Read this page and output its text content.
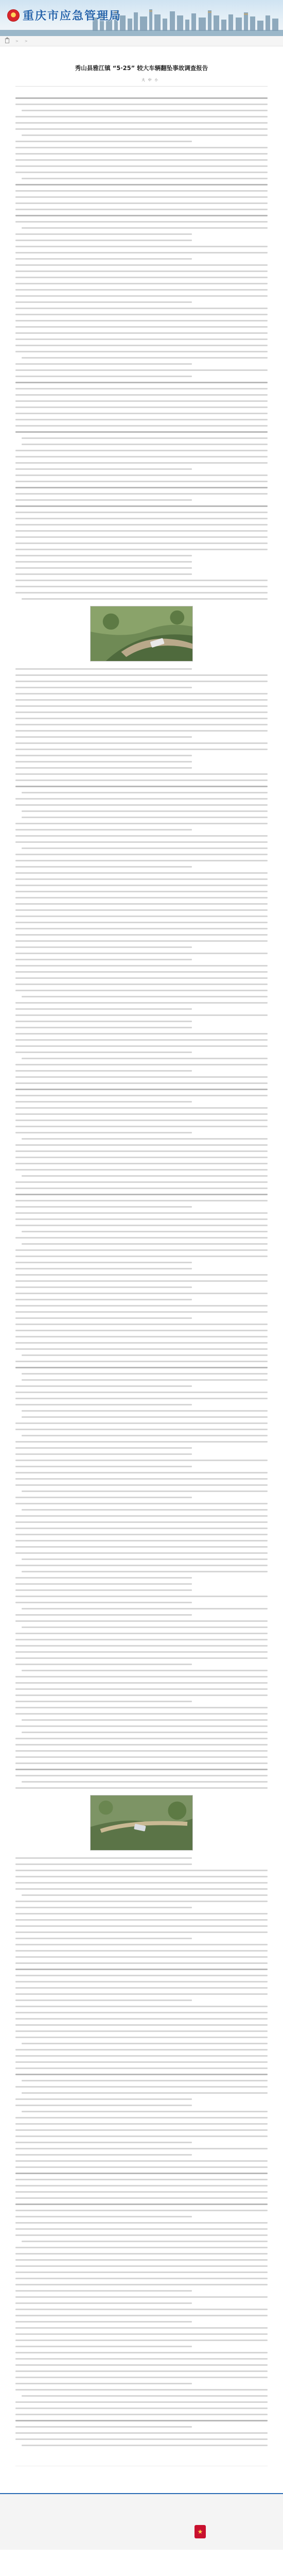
重庆市应急管理局
> >
秀山县雅江镇 “5·25” 较大车辆翻坠事故调查报告
大 中 小
★
